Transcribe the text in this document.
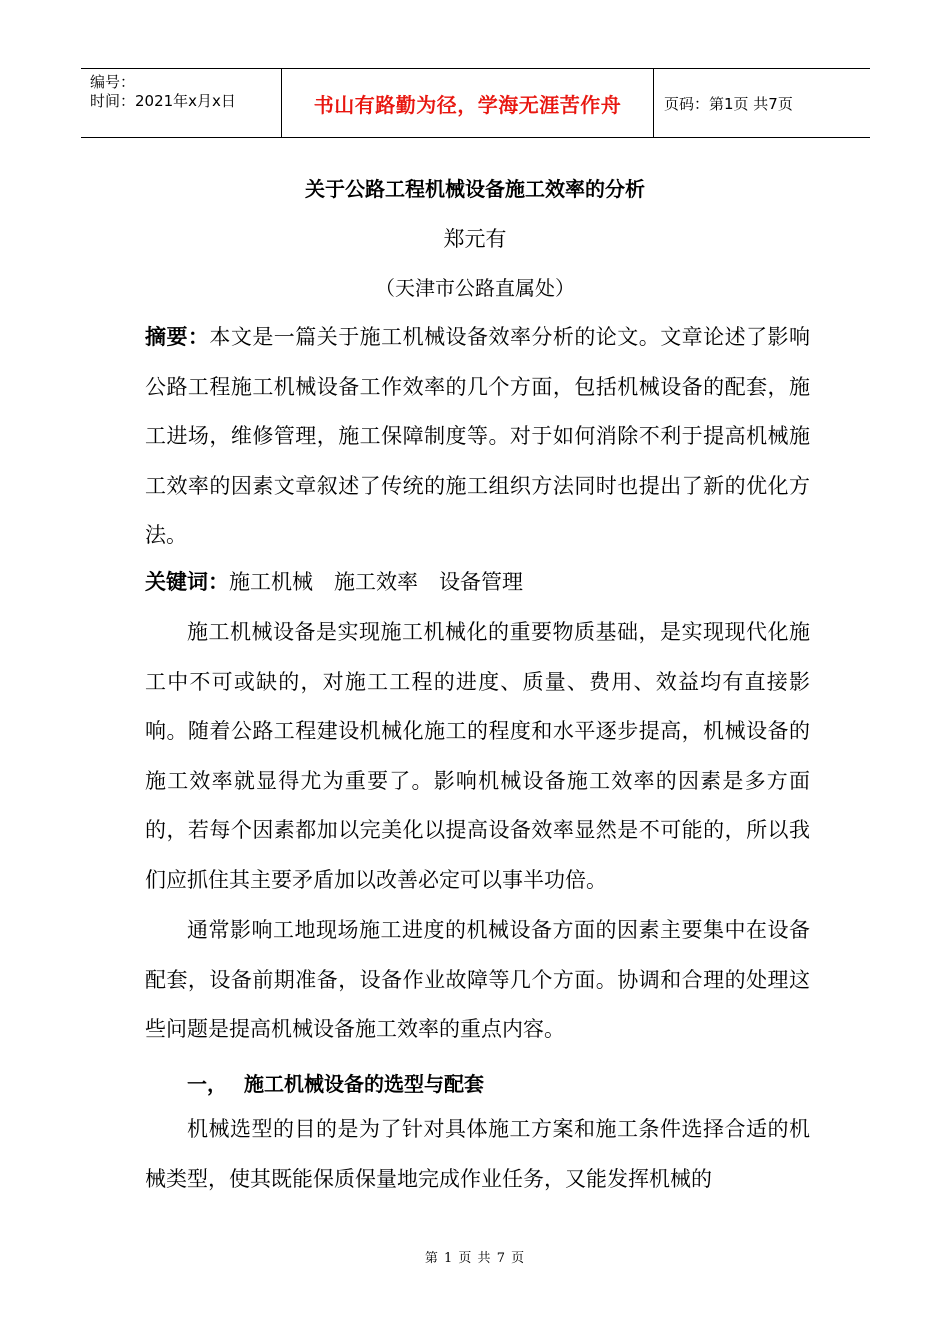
编号：
时间：2021年x月x日	书山有路勤为径，学海无涯苦作舟	页码：第1页 共7页
关于公路工程机械设备施工效率的分析
郑元有
（天津市公路直属处）
摘要：本文是一篇关于施工机械设备效率分析的论文。文章论述了影响公路工程施工机械设备工作效率的几个方面，包括机械设备的配套，施工进场，维修管理，施工保障制度等。对于如何消除不利于提高机械施工效率的因素文章叙述了传统的施工组织方法同时也提出了新的优化方法。
关键词：施工机械　施工效率　设备管理
施工机械设备是实现施工机械化的重要物质基础，是实现现代化施工中不可或缺的，对施工工程的进度、质量、费用、效益均有直接影响。随着公路工程建设机械化施工的程度和水平逐步提高，机械设备的施工效率就显得尤为重要了。影响机械设备施工效率的因素是多方面的，若每个因素都加以完美化以提高设备效率显然是不可能的，所以我们应抓住其主要矛盾加以改善必定可以事半功倍。
通常影响工地现场施工进度的机械设备方面的因素主要集中在设备配套，设备前期准备，设备作业故障等几个方面。协调和合理的处理这些问题是提高机械设备施工效率的重点内容。
一， 施工机械设备的选型与配套
机械选型的目的是为了针对具体施工方案和施工条件选择合适的机械类型，使其既能保质保量地完成作业任务，又能发挥机械的
第 1 页 共 7 页
